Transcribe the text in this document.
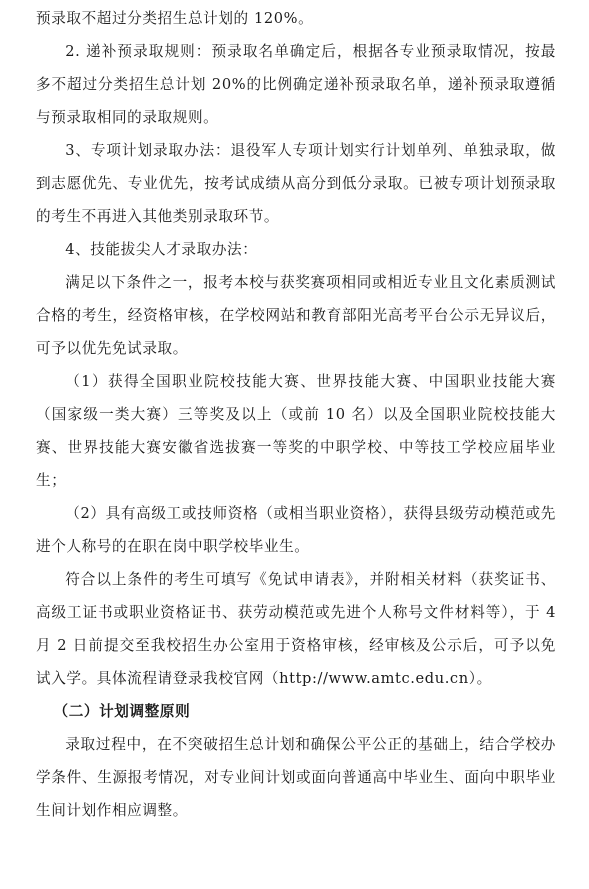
预录取不超过分类招生总计划的 120%。

2. 递补预录取规则：预录取名单确定后，根据各专业预录取情况，按最多不超过分类招生总计划 20%的比例确定递补预录取名单，递补预录取遵循与预录取相同的录取规则。

3、专项计划录取办法：退役军人专项计划实行计划单列、单独录取，做到志愿优先、专业优先，按考试成绩从高分到低分录取。已被专项计划预录取的考生不再进入其他类别录取环节。

4、技能拔尖人才录取办法：

满足以下条件之一，报考本校与获奖赛项相同或相近专业且文化素质测试合格的考生，经资格审核，在学校网站和教育部阳光高考平台公示无异议后，可予以优先免试录取。

（1）获得全国职业院校技能大赛、世界技能大赛、中国职业技能大赛（国家级一类大赛）三等奖及以上（或前 10 名）以及全国职业院校技能大赛、世界技能大赛安徽省选拔赛一等奖的中职学校、中等技工学校应届毕业生；

（2）具有高级工或技师资格（或相当职业资格），获得县级劳动模范或先进个人称号的在职在岗中职学校毕业生。

符合以上条件的考生可填写《免试申请表》，并附相关材料（获奖证书、高级工证书或职业资格证书、获劳动模范或先进个人称号文件材料等），于 4 月 2 日前提交至我校招生办公室用于资格审核，经审核及公示后，可予以免试入学。具体流程请登录我校官网（http://www.amtc.edu.cn）。

（二）计划调整原则

录取过程中，在不突破招生总计划和确保公平公正的基础上，结合学校办学条件、生源报考情况，对专业间计划或面向普通高中毕业生、面向中职毕业生间计划作相应调整。
